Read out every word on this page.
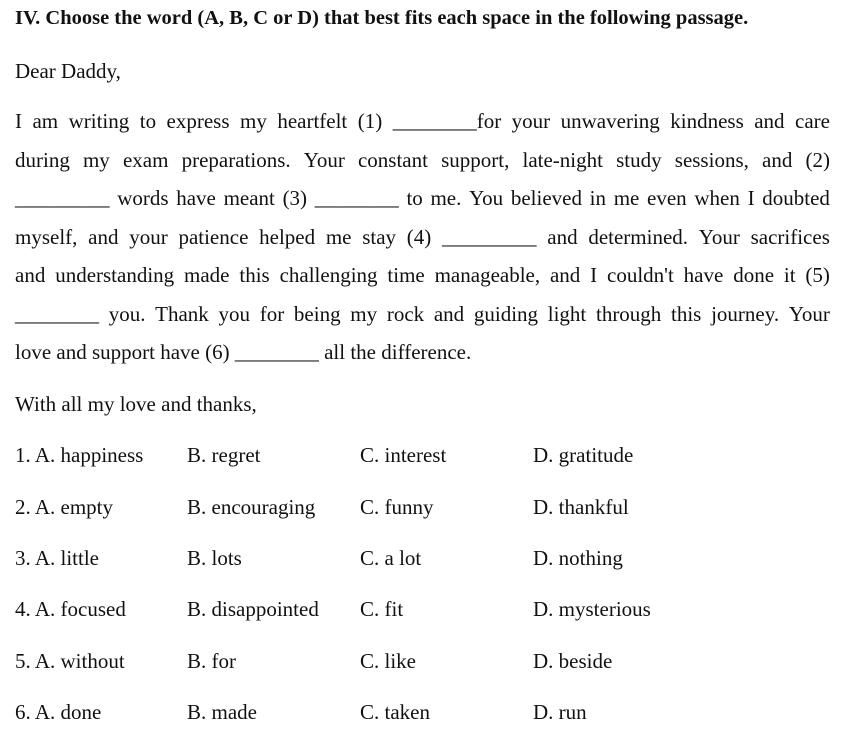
IV. Choose the word (A, B, C or D) that best fits each space in the following passage.
Dear Daddy,
I am writing to express my heartfelt (1) ________for your unwavering kindness and care
during my exam preparations. Your constant support, late-night study sessions, and (2)
_________ words have meant (3) ________ to me. You believed in me even when I doubted
myself, and your patience helped me stay (4) _________ and determined. Your sacrifices
and understanding made this challenging time manageable, and I couldn't have done it (5)
________ you. Thank you for being my rock and guiding light through this journey. Your
love and support have (6) ________ all the difference.
With all my love and thanks,
1. A. happiness B. regret	C. interest	D. gratitude
2. A. empty	B. encouraging C. funny	D. thankful
3. A. little	B. lots	C. a lot	D. nothing
4. A. focused	B. disappointed C. fit	D. mysterious
5. A. without	B. for	C. like	D. beside
6. A. done	B. made	C. taken	D. run
